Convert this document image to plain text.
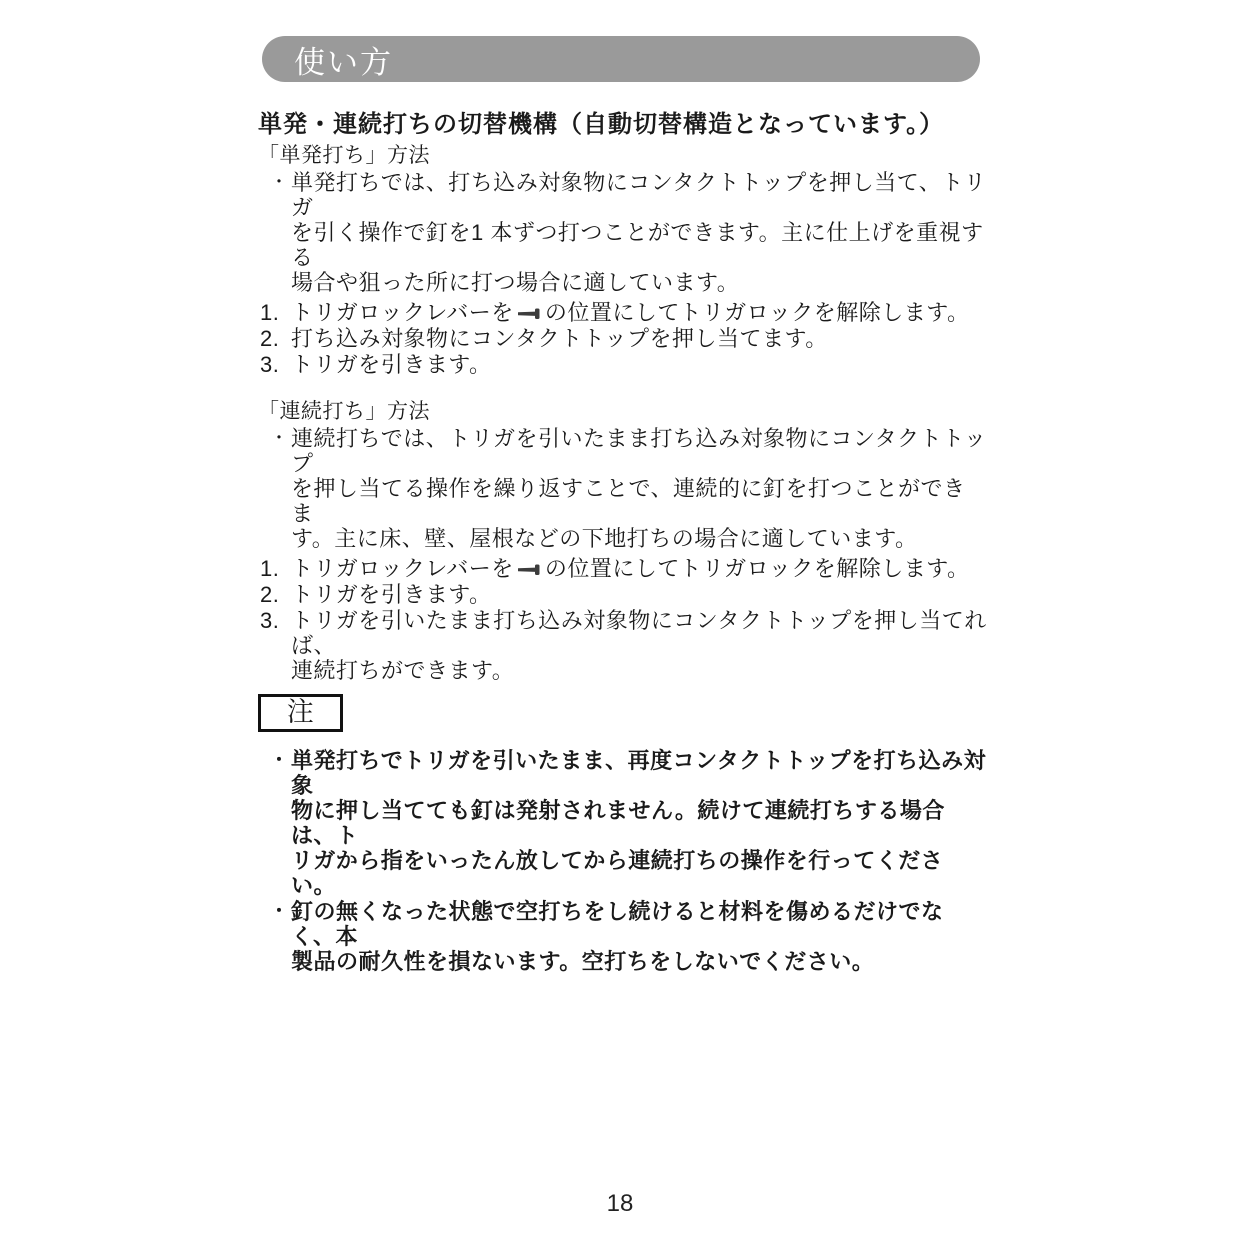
使い方
単発・連続打ちの切替機構（自動切替構造となっています。）
「単発打ち」方法
・ 単発打ちでは、打ち込み対象物にコンタクトトップを押し当て、トリガ
を引く操作で釘を1 本ずつ打つことができます。主に仕上げを重視する
場合や狙った所に打つ場合に適しています。
1. トリガロックレバーを の位置にしてトリガロックを解除します。
2. 打ち込み対象物にコンタクトトップを押し当てます。
3. トリガを引きます。
「連続打ち」方法
・ 連続打ちでは、トリガを引いたまま打ち込み対象物にコンタクトトップ
を押し当てる操作を繰り返すことで、連続的に釘を打つことができま
す。主に床、壁、屋根などの下地打ちの場合に適しています。
1. トリガロックレバーを の位置にしてトリガロックを解除します。
2. トリガを引きます。
3. トリガを引いたまま打ち込み対象物にコンタクトトップを押し当てれば、
連続打ちができます。
注
・ 単発打ちでトリガを引いたまま、再度コンタクトトップを打ち込み対象
物に押し当てても釘は発射されません。続けて連続打ちする場合は、ト
リガから指をいったん放してから連続打ちの操作を行ってください。
・ 釘の無くなった状態で空打ちをし続けると材料を傷めるだけでなく、本
製品の耐久性を損ないます。空打ちをしないでください。
18
